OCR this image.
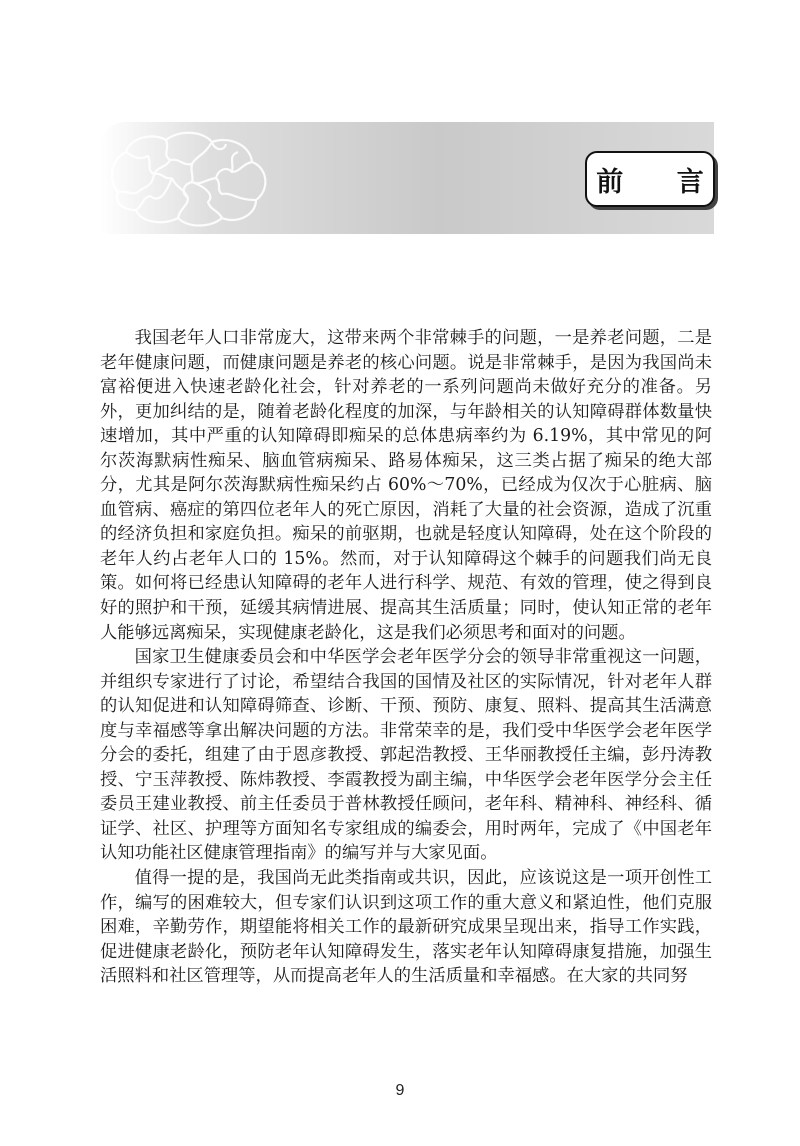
前 言

我国老年人口非常庞大，这带来两个非常棘手的问题，一是养老问题，二是老年健康问题，而健康问题是养老的核心问题。说是非常棘手，是因为我国尚未富裕便进入快速老龄化社会，针对养老的一系列问题尚未做好充分的准备。另外，更加纠结的是，随着老龄化程度的加深，与年龄相关的认知障碍群体数量快速增加，其中严重的认知障碍即痴呆的总体患病率约为 6.19%，其中常见的阿尔茨海默病性痴呆、脑血管病痴呆、路易体痴呆，这三类占据了痴呆的绝大部分，尤其是阿尔茨海默病性痴呆约占 60%～70%，已经成为仅次于心脏病、脑血管病、癌症的第四位老年人的死亡原因，消耗了大量的社会资源，造成了沉重的经济负担和家庭负担。痴呆的前驱期，也就是轻度认知障碍，处在这个阶段的老年人约占老年人口的 15%。然而，对于认知障碍这个棘手的问题我们尚无良策。如何将已经患认知障碍的老年人进行科学、规范、有效的管理，使之得到良好的照护和干预，延缓其病情进展、提高其生活质量；同时，使认知正常的老年人能够远离痴呆，实现健康老龄化，这是我们必须思考和面对的问题。

国家卫生健康委员会和中华医学会老年医学分会的领导非常重视这一问题，并组织专家进行了讨论，希望结合我国的国情及社区的实际情况，针对老年人群的认知促进和认知障碍筛查、诊断、干预、预防、康复、照料、提高其生活满意度与幸福感等拿出解决问题的方法。非常荣幸的是，我们受中华医学会老年医学分会的委托，组建了由于恩彦教授、郭起浩教授、王华丽教授任主编，彭丹涛教授、宁玉萍教授、陈炜教授、李霞教授为副主编，中华医学会老年医学分会主任委员王建业教授、前主任委员于普林教授任顾问，老年科、精神科、神经科、循证学、社区、护理等方面知名专家组成的编委会，用时两年，完成了《中国老年认知功能社区健康管理指南》的编写并与大家见面。

值得一提的是，我国尚无此类指南或共识，因此，应该说这是一项开创性工作，编写的困难较大，但专家们认识到这项工作的重大意义和紧迫性，他们克服困难，辛勤劳作，期望能将相关工作的最新研究成果呈现出来，指导工作实践，促进健康老龄化，预防老年认知障碍发生，落实老年认知障碍康复措施，加强生活照料和社区管理等，从而提高老年人的生活质量和幸福感。在大家的共同努

9
